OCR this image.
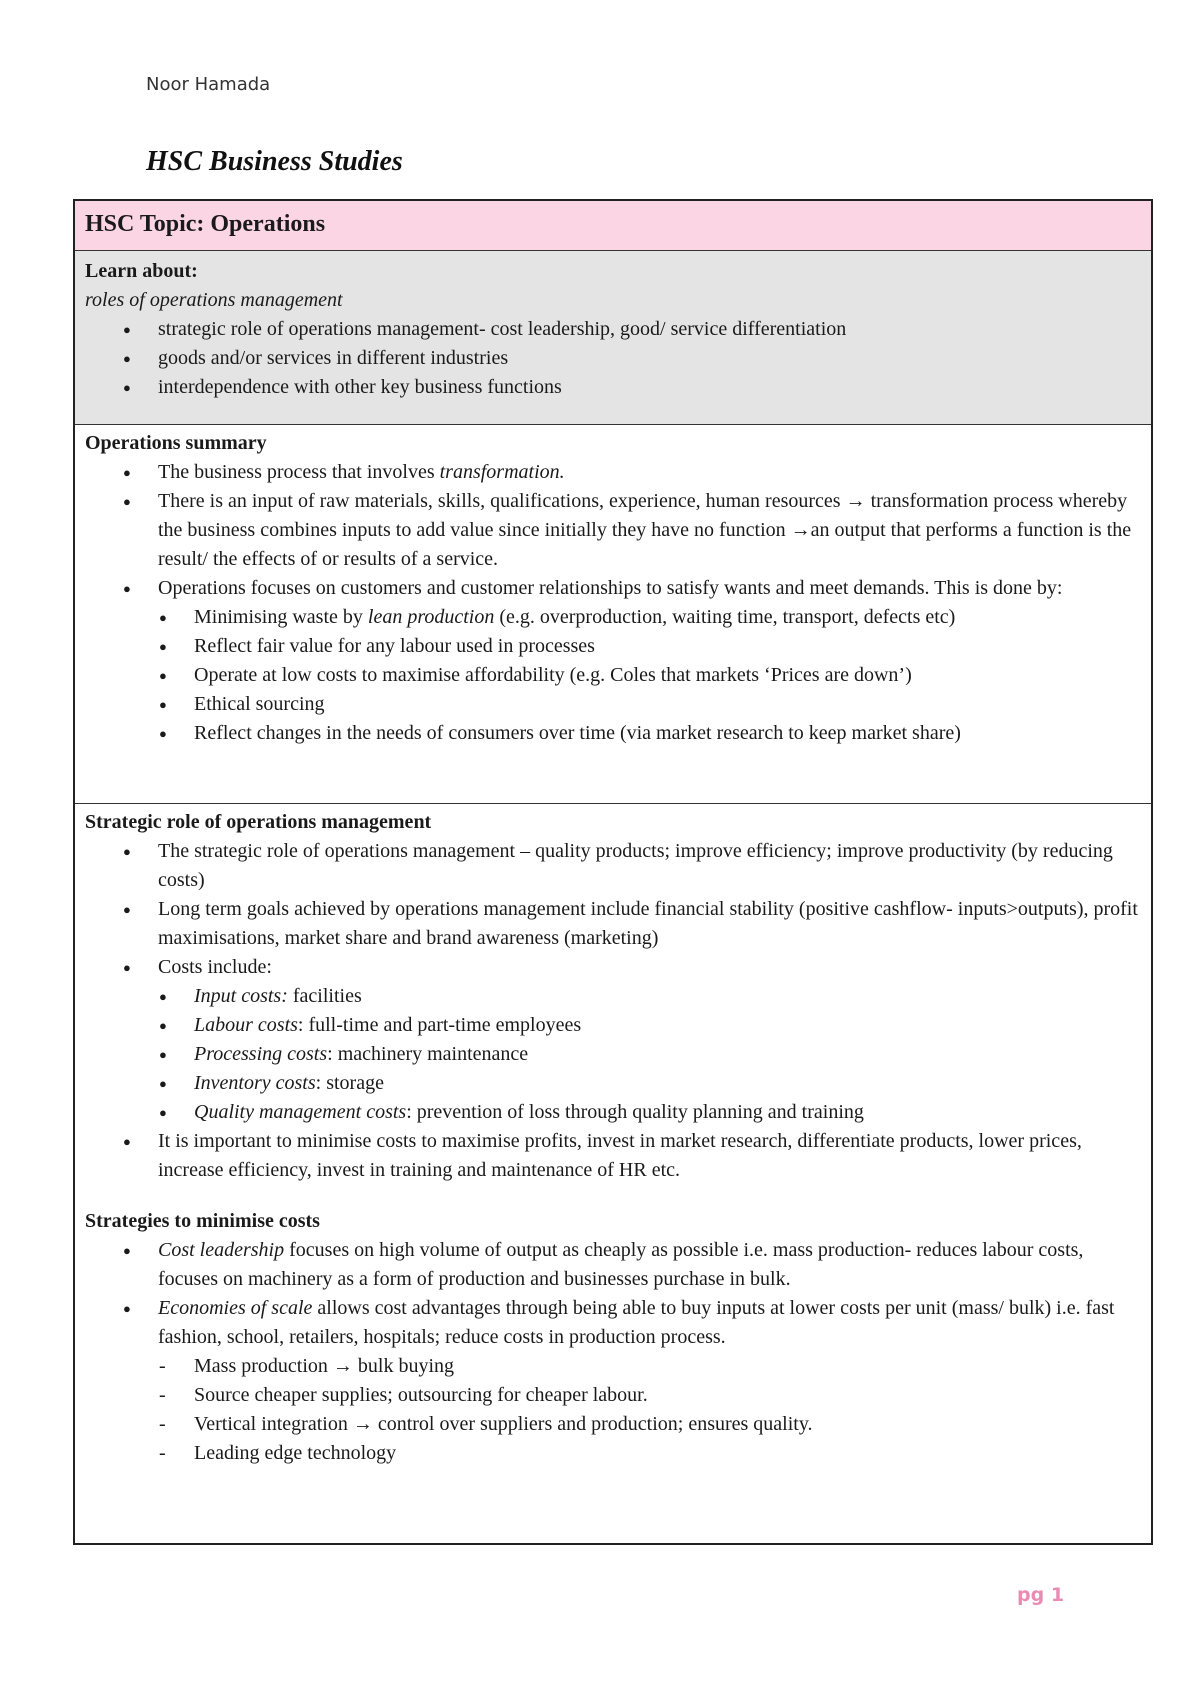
Noor Hamada
HSC Business Studies
HSC Topic: Operations
Learn about:
roles of operations management
● strategic role of operations management- cost leadership, good/ service differentiation
● goods and/or services in different industries
● interdependence with other key business functions
Operations summary
● The business process that involves transformation.
● There is an input of raw materials, skills, qualifications, experience, human resources → transformation process whereby the business combines inputs to add value since initially they have no function →an output that performs a function is the result/ the effects of or results of a service.
● Operations focuses on customers and customer relationships to satisfy wants and meet demands. This is done by:
● Minimising waste by lean production (e.g. overproduction, waiting time, transport, defects etc)
● Reflect fair value for any labour used in processes
● Operate at low costs to maximise affordability (e.g. Coles that markets ‘Prices are down’)
● Ethical sourcing
● Reflect changes in the needs of consumers over time (via market research to keep market share)
Strategic role of operations management
● The strategic role of operations management – quality products; improve efficiency; improve productivity (by reducing costs)
● Long term goals achieved by operations management include financial stability (positive cashflow- inputs>outputs), profit maximisations, market share and brand awareness (marketing)
● Costs include:
● Input costs: facilities
● Labour costs: full-time and part-time employees
● Processing costs: machinery maintenance
● Inventory costs: storage
● Quality management costs: prevention of loss through quality planning and training
● It is important to minimise costs to maximise profits, invest in market research, differentiate products, lower prices, increase efficiency, invest in training and maintenance of HR etc.
Strategies to minimise costs
● Cost leadership focuses on high volume of output as cheaply as possible i.e. mass production- reduces labour costs, focuses on machinery as a form of production and businesses purchase in bulk.
● Economies of scale allows cost advantages through being able to buy inputs at lower costs per unit (mass/ bulk) i.e. fast fashion, school, retailers, hospitals; reduce costs in production process.
- Mass production → bulk buying
- Source cheaper supplies; outsourcing for cheaper labour.
- Vertical integration → control over suppliers and production; ensures quality.
- Leading edge technology
pg 1
